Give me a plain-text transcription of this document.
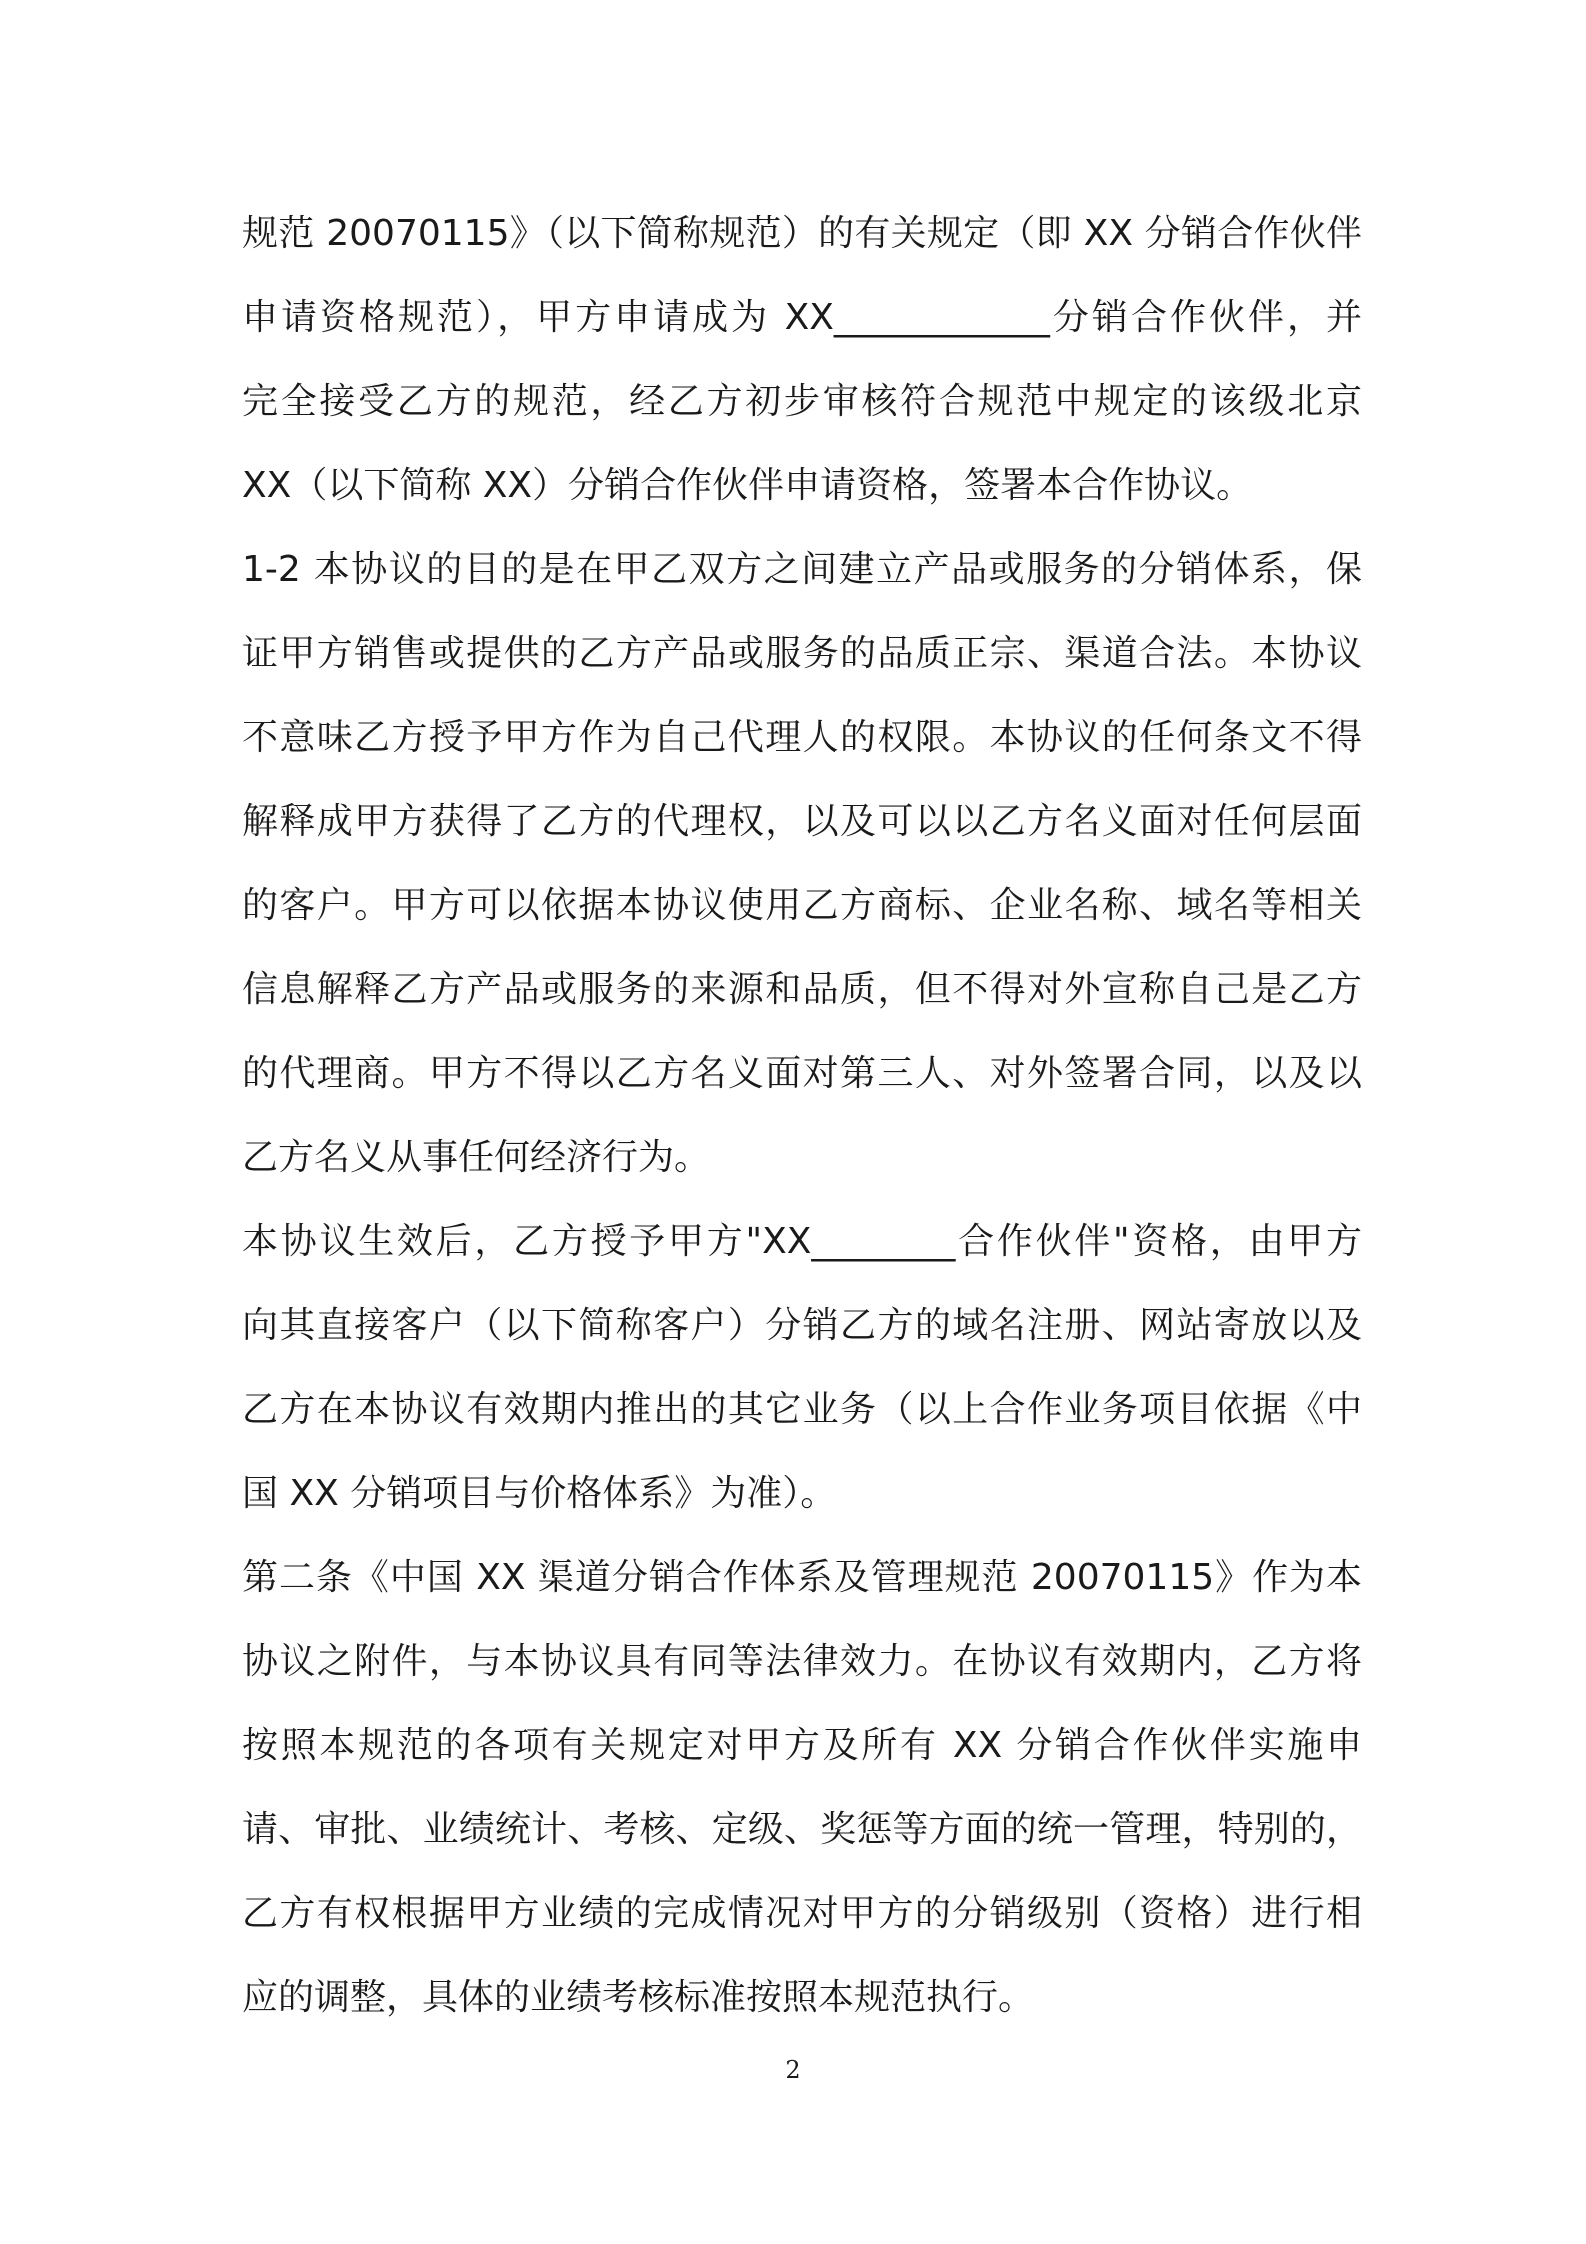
规范 20070115》（以下简称规范）的有关规定（即 XX 分销合作伙伴
申请资格规范），甲方申请成为 XX____________分销合作伙伴，并
完全接受乙方的规范，经乙方初步审核符合规范中规定的该级北京
XX（以下简称 XX）分销合作伙伴申请资格，签署本合作协议。
1-2 本协议的目的是在甲乙双方之间建立产品或服务的分销体系，保
证甲方销售或提供的乙方产品或服务的品质正宗、渠道合法。本协议
不意味乙方授予甲方作为自己代理人的权限。本协议的任何条文不得
解释成甲方获得了乙方的代理权，以及可以以乙方名义面对任何层面
的客户。甲方可以依据本协议使用乙方商标、企业名称、域名等相关
信息解释乙方产品或服务的来源和品质，但不得对外宣称自己是乙方
的代理商。甲方不得以乙方名义面对第三人、对外签署合同，以及以
乙方名义从事任何经济行为。
本协议生效后，乙方授予甲方"XX________合作伙伴"资格，由甲方
向其直接客户（以下简称客户）分销乙方的域名注册、网站寄放以及
乙方在本协议有效期内推出的其它业务（以上合作业务项目依据《中
国 XX 分销项目与价格体系》为准）。
第二条《中国 XX 渠道分销合作体系及管理规范 20070115》作为本
协议之附件，与本协议具有同等法律效力。在协议有效期内，乙方将
按照本规范的各项有关规定对甲方及所有 XX 分销合作伙伴实施申
请、审批、业绩统计、考核、定级、奖惩等方面的统一管理，特别的，
乙方有权根据甲方业绩的完成情况对甲方的分销级别（资格）进行相
应的调整，具体的业绩考核标准按照本规范执行。
2
